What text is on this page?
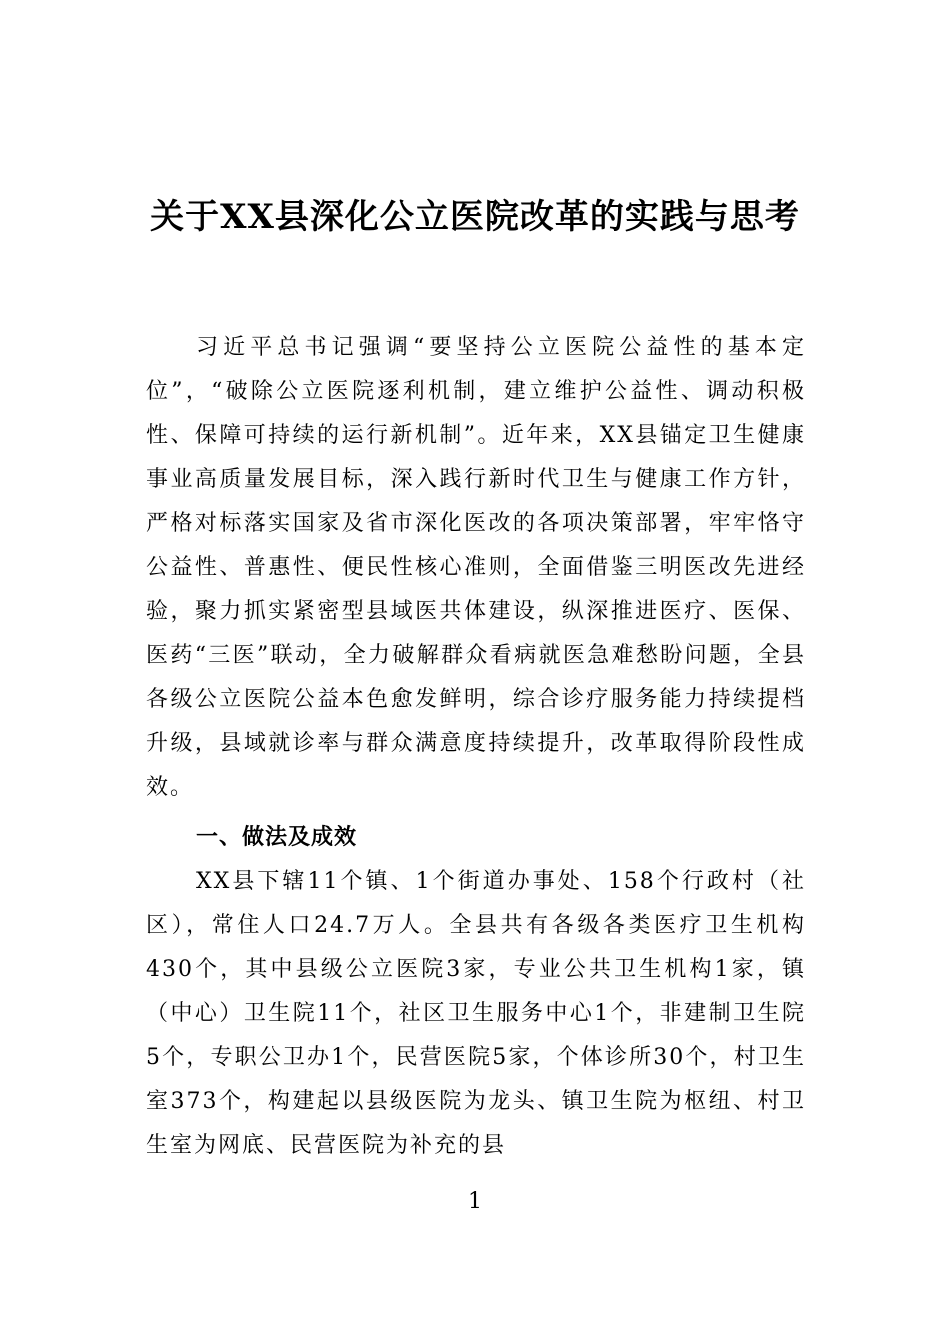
关于XX县深化公立医院改革的实践与思考
习近平总书记强调“要坚持公立医院公益性的基本定位”，“破除公立医院逐利机制，建立维护公益性、调动积极性、保障可持续的运行新机制”。近年来，XX县锚定卫生健康事业高质量发展目标，深入践行新时代卫生与健康工作方针，严格对标落实国家及省市深化医改的各项决策部署，牢牢恪守公益性、普惠性、便民性核心准则，全面借鉴三明医改先进经验，聚力抓实紧密型县域医共体建设，纵深推进医疗、医保、医药“三医”联动，全力破解群众看病就医急难愁盼问题，全县各级公立医院公益本色愈发鲜明，综合诊疗服务能力持续提档升级，县域就诊率与群众满意度持续提升，改革取得阶段性成效。
一、做法及成效
XX县下辖11个镇、1个街道办事处、158个行政村（社区），常住人口24.7万人。全县共有各级各类医疗卫生机构430个，其中县级公立医院3家，专业公共卫生机构1家，镇（中心）卫生院11个，社区卫生服务中心1个，非建制卫生院5个，专职公卫办1个，民营医院5家，个体诊所30个，村卫生室373个，构建起以县级医院为龙头、镇卫生院为枢纽、村卫生室为网底、民营医院为补充的县
1
